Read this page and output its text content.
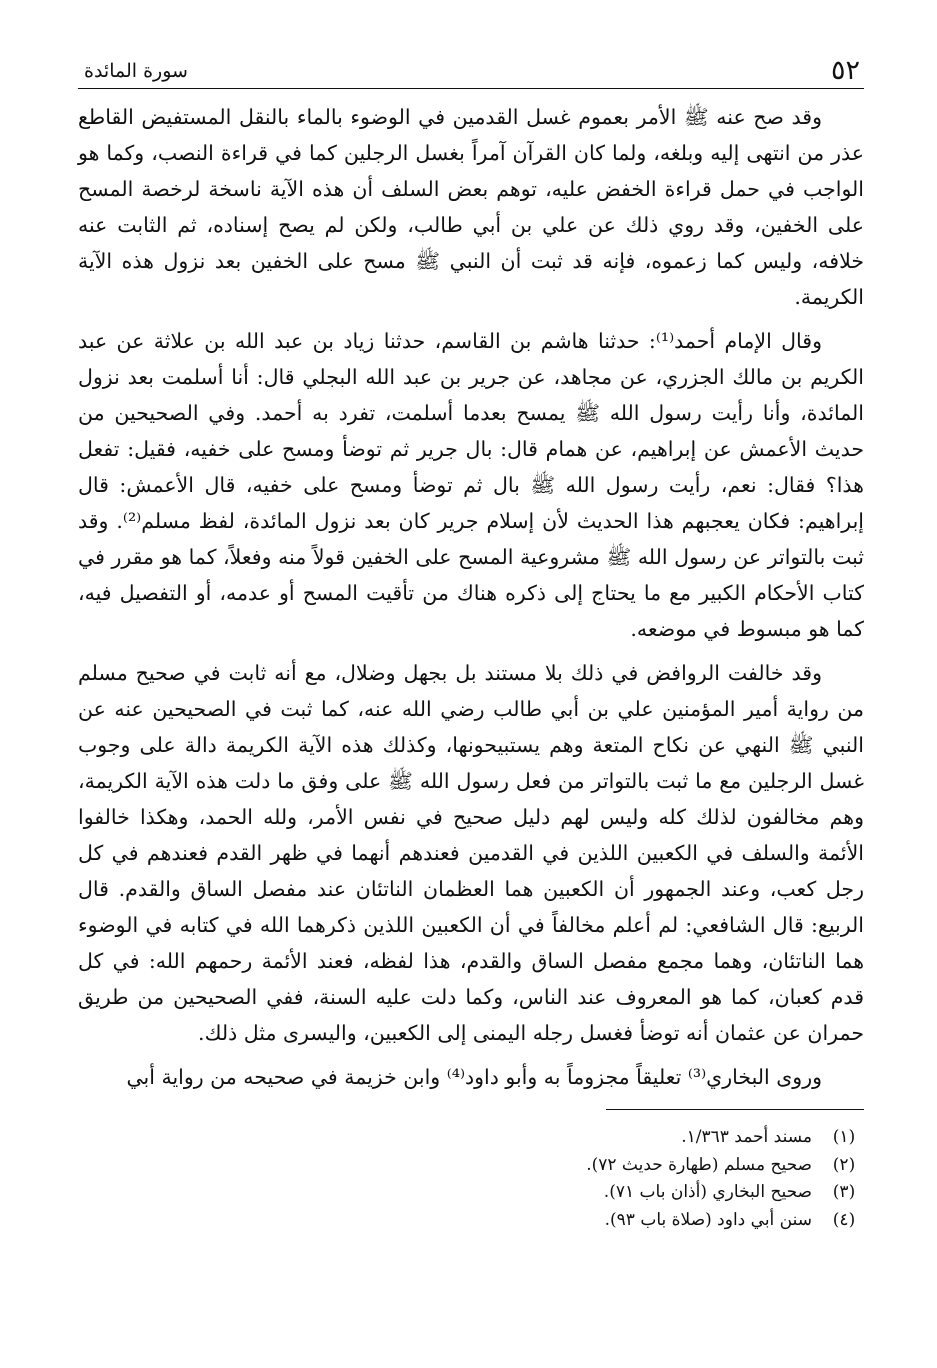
٥٢
سورة المائدة

وقد صح عنه ﷺ الأمر بعموم غسل القدمين في الوضوء بالماء بالنقل المستفيض القاطع عذر من انتهى إليه وبلغه، ولما كان القرآن آمراً بغسل الرجلين كما في قراءة النصب، وكما هو الواجب في حمل قراءة الخفض عليه، توهم بعض السلف أن هذه الآية ناسخة لرخصة المسح على الخفين، وقد روي ذلك عن علي بن أبي طالب، ولكن لم يصح إسناده، ثم الثابت عنه خلافه، وليس كما زعموه، فإنه قد ثبت أن النبي ﷺ مسح على الخفين بعد نزول هذه الآية الكريمة.

وقال الإمام أحمد⁽¹⁾: حدثنا هاشم بن القاسم، حدثنا زياد بن عبد الله بن علاثة عن عبد الكريم بن مالك الجزري، عن مجاهد، عن جرير بن عبد الله البجلي قال: أنا أسلمت بعد نزول المائدة، وأنا رأيت رسول الله ﷺ يمسح بعدما أسلمت، تفرد به أحمد. وفي الصحيحين من حديث الأعمش عن إبراهيم، عن همام قال: بال جرير ثم توضأ ومسح على خفيه، فقيل: تفعل هذا؟ فقال: نعم، رأيت رسول الله ﷺ بال ثم توضأ ومسح على خفيه، قال الأعمش: قال إبراهيم: فكان يعجبهم هذا الحديث لأن إسلام جرير كان بعد نزول المائدة، لفظ مسلم⁽²⁾. وقد ثبت بالتواتر عن رسول الله ﷺ مشروعية المسح على الخفين قولاً منه وفعلاً، كما هو مقرر في كتاب الأحكام الكبير مع ما يحتاج إلى ذكره هناك من تأقيت المسح أو عدمه، أو التفصيل فيه، كما هو مبسوط في موضعه.

وقد خالفت الروافض في ذلك بلا مستند بل بجهل وضلال، مع أنه ثابت في صحيح مسلم من رواية أمير المؤمنين علي بن أبي طالب رضي الله عنه، كما ثبت في الصحيحين عنه عن النبي ﷺ النهي عن نكاح المتعة وهم يستبيحونها، وكذلك هذه الآية الكريمة دالة على وجوب غسل الرجلين مع ما ثبت بالتواتر من فعل رسول الله ﷺ على وفق ما دلت هذه الآية الكريمة، وهم مخالفون لذلك كله وليس لهم دليل صحيح في نفس الأمر، ولله الحمد، وهكذا خالفوا الأئمة والسلف في الكعبين اللذين في القدمين فعندهم أنهما في ظهر القدم فعندهم في كل رجل كعب، وعند الجمهور أن الكعبين هما العظمان الناتئان عند مفصل الساق والقدم. قال الربيع: قال الشافعي: لم أعلم مخالفاً في أن الكعبين اللذين ذكرهما الله في كتابه في الوضوء هما الناتئان، وهما مجمع مفصل الساق والقدم، هذا لفظه، فعند الأئمة رحمهم الله: في كل قدم كعبان، كما هو المعروف عند الناس، وكما دلت عليه السنة، ففي الصحيحين من طريق حمران عن عثمان أنه توضأ فغسل رجله اليمنى إلى الكعبين، واليسرى مثل ذلك.

وروى البخاري⁽³⁾ تعليقاً مجزوماً به وأبو داود⁽⁴⁾ وابن خزيمة في صحيحه من رواية أبي

(١)
مسند أحمد ١/٣٦٣.
(٢)
صحيح مسلم (طهارة حديث ٧٢).
(٣)
صحيح البخاري (أذان باب ٧١).
(٤)
سنن أبي داود (صلاة باب ٩٣).
